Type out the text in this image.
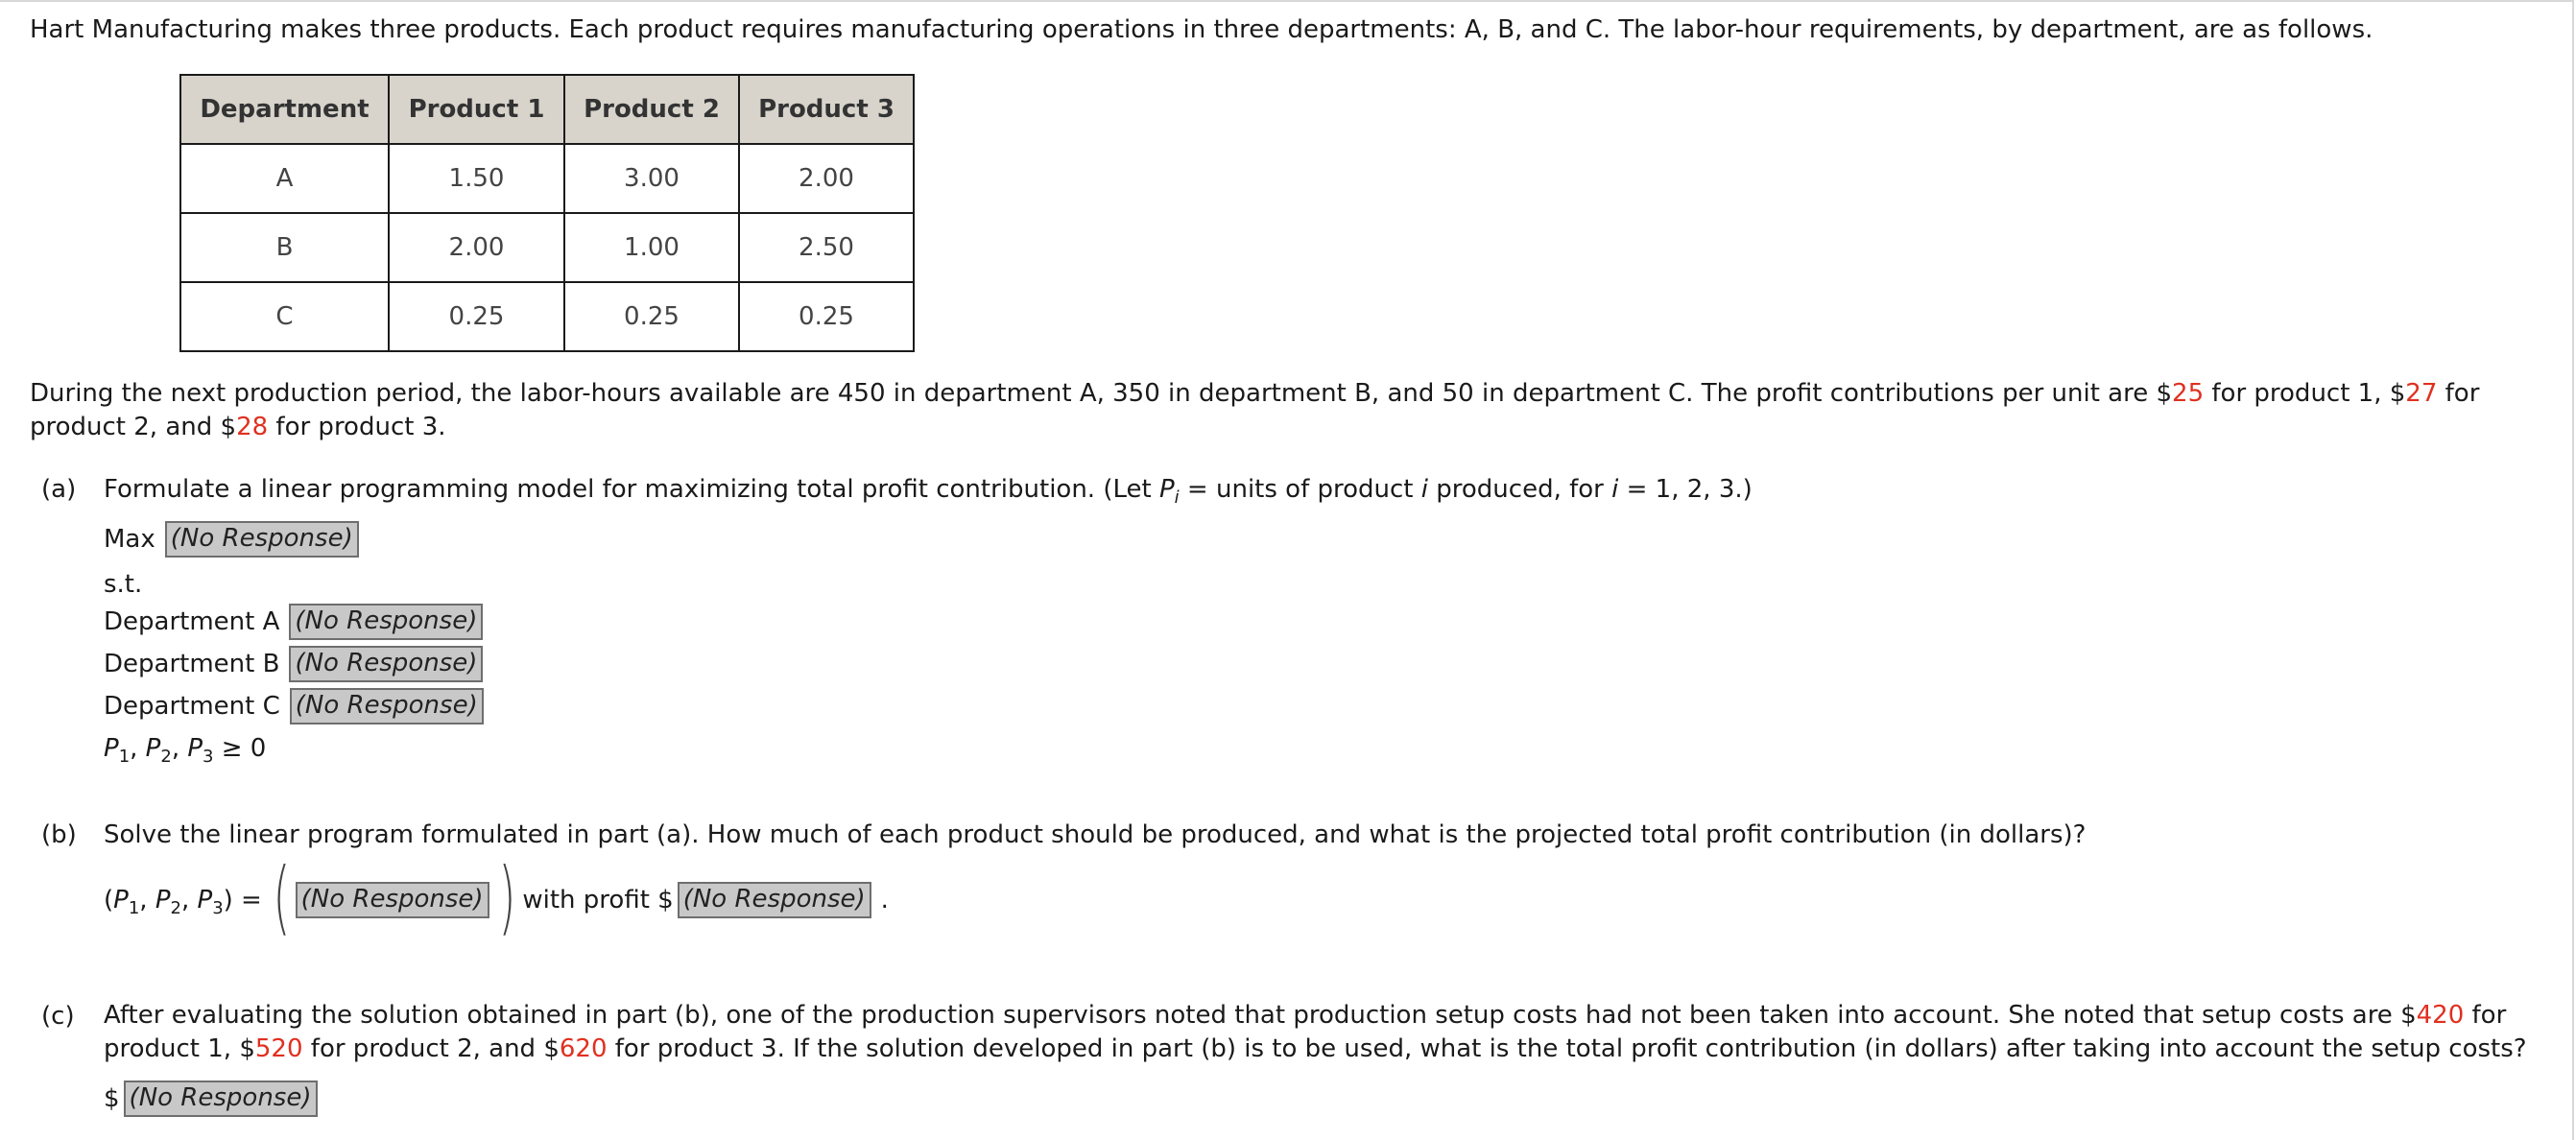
Hart Manufacturing makes three products. Each product requires manufacturing operations in three departments: A, B, and C. The labor-hour requirements, by department, are as follows.
Department	Product 1	Product 2	Product 3
A	1.50	3.00	2.00
B	2.00	1.00	2.50
C	0.25	0.25	0.25
During the next production period, the labor-hours available are 450 in department A, 350 in department B, and 50 in department C. The profit contributions per unit are $25 for product 1, $27 for product 2, and $28 for product 3.
(a) Formulate a linear programming model for maximizing total profit contribution. (Let $P_i$ = units of product i produced, for i = 1, 2, 3.)
Max (No Response)
s.t.
Department A (No Response)
Department B (No Response)
Department C (No Response)
$P_1$, $P_2$, $P_3 \ge 0$
(b) Solve the linear program formulated in part (a). How much of each product should be produced, and what is the projected total profit contribution (in dollars)?
($P_1$, $P_2$, $P_3$) = ( (No Response) ) with profit $ (No Response) .
(c) After evaluating the solution obtained in part (b), one of the production supervisors noted that production setup costs had not been taken into account. She noted that setup costs are $420 for product 1, $520 for product 2, and $620 for product 3. If the solution developed in part (b) is to be used, what is the total profit contribution (in dollars) after taking into account the setup costs?
$ (No Response)
